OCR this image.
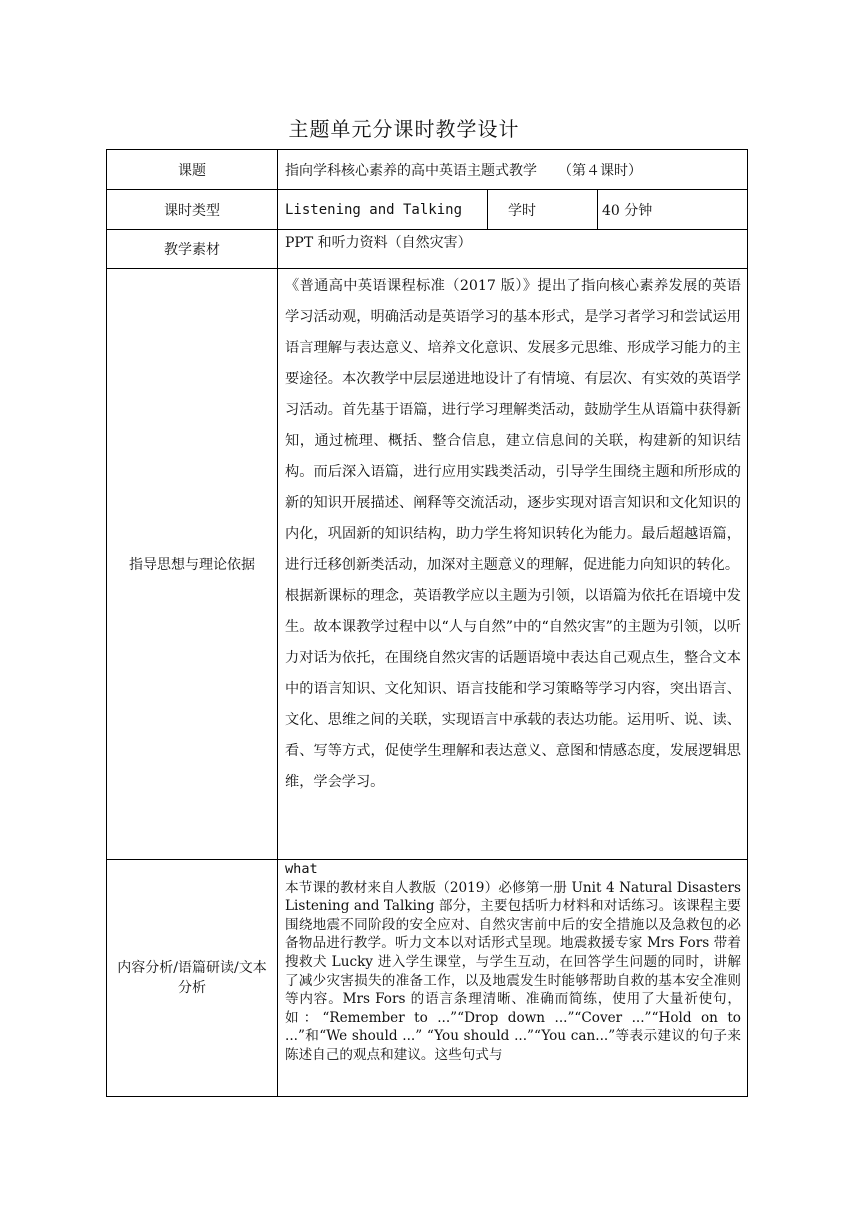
主题单元分课时教学设计
课题	指向学科核心素养的高中英语主题式教学　　（第４课时）
课时类型	Listening and Talking 学时 40 分钟

教学素材	PPT 和听力资料（自然灾害）
指导思想与理论依据	《普通高中英语课程标准（2017 版）》提出了指向核心素养发展的英语学习活动观，明确活动是英语学习的基本形式，是学习者学习和尝试运用语言理解与表达意义、培养文化意识、发展多元思维、形成学习能力的主要途径。本次教学中层层递进地设计了有情境、有层次、有实效的英语学习活动。首先基于语篇，进行学习理解类活动，鼓励学生从语篇中获得新知，通过梳理、概括、整合信息，建立信息间的关联，构建新的知识结构。而后深入语篇，进行应用实践类活动，引导学生围绕主题和所形成的新的知识开展描述、阐释等交流活动，逐步实现对语言知识和文化知识的内化，巩固新的知识结构，助力学生将知识转化为能力。最后超越语篇，进行迁移创新类活动，加深对主题意义的理解，促进能力向知识的转化。

根据新课标的理念，英语教学应以主题为引领，以语篇为依托在语境中发生。故本课教学过程中以“人与自然”中的“自然灾害”的主题为引领，以听力对话为依托，在围绕自然灾害的话题语境中表达自己观点生，整合文本中的语言知识、文化知识、语言技能和学习策略等学习内容，突出语言、文化、思维之间的关联，实现语言中承载的表达功能。运用听、说、读、看、写等方式，促使学生理解和表达意义、意图和情感态度，发展逻辑思维，学会学习。

内容分析/语篇研读/文本分析	what
本节课的教材来自人教版（2019）必修第一册 Unit 4 Natural Disasters Listening and Talking 部分，主要包括听力材料和对话练习。该课程主要围绕地震不同阶段的安全应对、自然灾害前中后的安全措施以及急救包的必备物品进行教学。听力文本以对话形式呈现。地震救援专家 Mrs Fors 带着搜救犬 Lucky 进入学生课堂，与学生互动，在回答学生问题的同时，讲解了减少灾害损失的准备工作，以及地震发生时能够帮助自救的基本安全准则等内容。Mrs Fors 的语言条理清晰、准确而简练，使用了大量祈使句，如：“Remember to ...”“Drop down ...”“Cover ...”“Hold on to ...”和“We should ...” “You should ...”“You can...”等表示建议的句子来陈述自己的观点和建议。这些句式与
